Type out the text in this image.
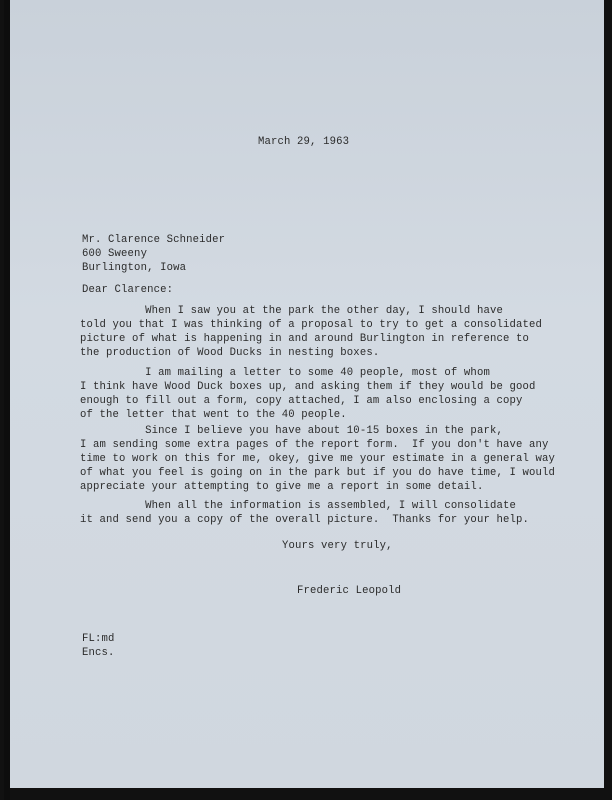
March 29, 1963
Mr. Clarence Schneider
600 Sweeny
Burlington, Iowa
Dear Clarence:
When I saw you at the park the other day, I should have
told you that I was thinking of a proposal to try to get a consolidated
picture of what is happening in and around Burlington in reference to
the production of Wood Ducks in nesting boxes.
I am mailing a letter to some 40 people, most of whom
I think have Wood Duck boxes up, and asking them if they would be good
enough to fill out a form, copy attached, I am also enclosing a copy
of the letter that went to the 40 people.
Since I believe you have about 10-15 boxes in the park,
I am sending some extra pages of the report form.  If you don't have any
time to work on this for me, okey, give me your estimate in a general way
of what you feel is going on in the park but if you do have time, I would
appreciate your attempting to give me a report in some detail.
When all the information is assembled, I will consolidate
it and send you a copy of the overall picture.  Thanks for your help.
Yours very truly,
Frederic Leopold
FL:md
Encs.
